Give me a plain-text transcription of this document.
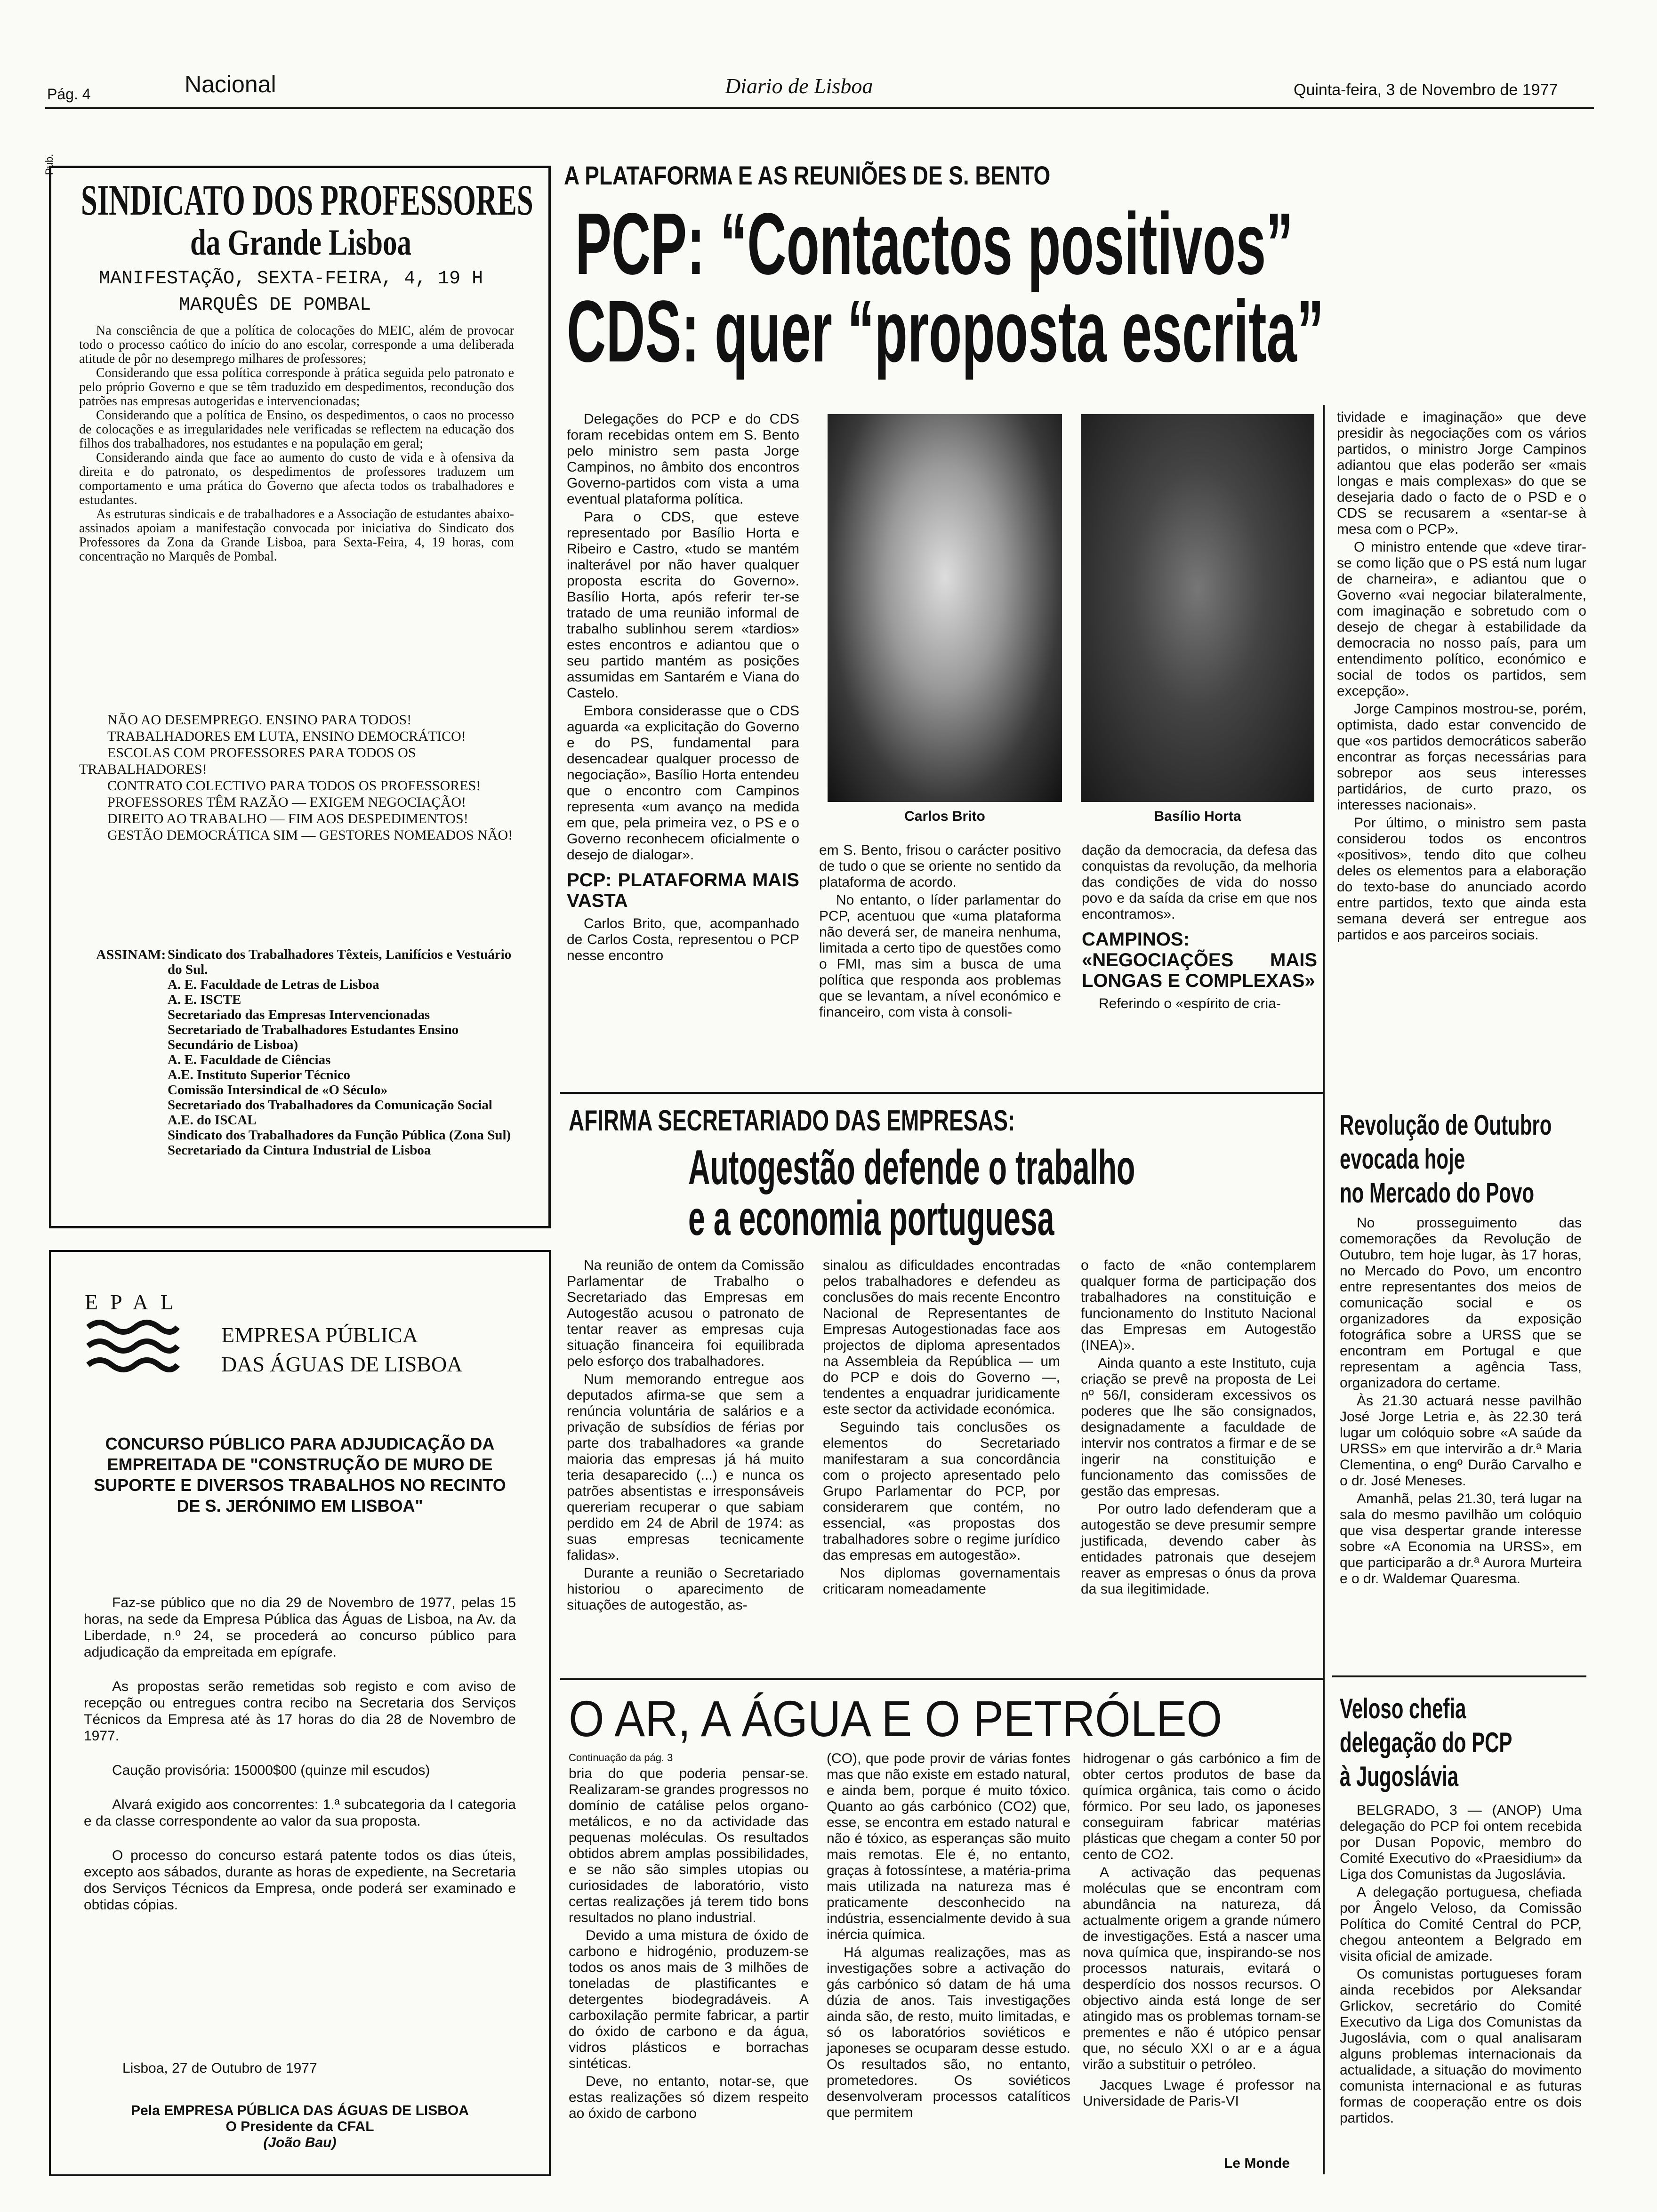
Pág. 4	Nacional	Diario de Lisboa	Quinta-feira, 3 de Novembro de 1977
Pub.
SINDICATO DOS PROFESSORES
da Grande Lisboa
MANIFESTAÇÃO, SEXTA-FEIRA, 4, 19 H
MARQUÊS DE POMBAL

Na consciência de que a política de colocações do MEIC, além de provocar todo o processo caótico do início do ano escolar, corresponde a uma deliberada atitude de pôr no desemprego milhares de professores;

Considerando que essa política corresponde à prática seguida pelo patronato e pelo próprio Governo e que se têm traduzido em despedimentos, recondução dos patrões nas empresas autogeridas e intervencionadas;

Considerando que a política de Ensino, os despedimentos, o caos no processo de colocações e as irregularidades nele verificadas se reflectem na educação dos filhos dos trabalhadores, nos estudantes e na população em geral;

Considerando ainda que face ao aumento do custo de vida e à ofensiva da direita e do patronato, os despedimentos de professores traduzem um comportamento e uma prática do Governo que afecta todos os trabalhadores e estudantes.

As estruturas sindicais e de trabalhadores e a Associação de estudantes abaixo-assinados apoiam a manifestação convocada por iniciativa do Sindicato dos Professores da Zona da Grande Lisboa, para Sexta-Feira, 4, 19 horas, com concentração no Marquês de Pombal.

NÃO AO DESEMPREGO. ENSINO PARA TODOS!
TRABALHADORES EM LUTA, ENSINO DEMOCRÁTICO!
ESCOLAS COM PROFESSORES PARA TODOS OS TRABALHADORES!
CONTRATO COLECTIVO PARA TODOS OS PROFESSORES!
PROFESSORES TÊM RAZÃO — EXIGEM NEGOCIAÇÃO!
DIREITO AO TRABALHO — FIM AOS DESPEDIMENTOS!
GESTÃO DEMOCRÁTICA SIM — GESTORES NOMEADOS NÃO!
ASSINAM: Sindicato dos Trabalhadores Têxteis, Lanifícios e Vestuário do Sul.
A. E. Faculdade de Letras de Lisboa
A. E. ISCTE
Secretariado das Empresas Intervencionadas
Secretariado de Trabalhadores Estudantes Ensino Secundário de Lisboa)
A. E. Faculdade de Ciências
A.E. Instituto Superior Técnico
Comissão Intersindical de «O Século»
Secretariado dos Trabalhadores da Comunicação Social
A.E. do ISCAL
Sindicato dos Trabalhadores da Função Pública (Zona Sul)
Secretariado da Cintura Industrial de Lisboa
EPAL
EMPRESA PÚBLICA
DAS ÁGUAS DE LISBOA
CONCURSO PÚBLICO PARA ADJUDICAÇÃO DA EMPREITADA DE "CONSTRUÇÃO DE MURO DE SUPORTE E DIVERSOS TRABALHOS NO RECINTO DE S. JERÓNIMO EM LISBOA"

Faz-se público que no dia 29 de Novembro de 1977, pelas 15 horas, na sede da Empresa Pública das Águas de Lisboa, na Av. da Liberdade, n.º 24, se procederá ao concurso público para adjudicação da empreitada em epígrafe.

As propostas serão remetidas sob registo e com aviso de recepção ou entregues contra recibo na Secretaria dos Serviços Técnicos da Empresa até às 17 horas do dia 28 de Novembro de 1977.

Caução provisória: 15000$00 (quinze mil escudos)

Alvará exigido aos concorrentes: 1.ª subcategoria da I categoria e da classe correspondente ao valor da sua proposta.

O processo do concurso estará patente todos os dias úteis, excepto aos sábados, durante as horas de expediente, na Secretaria dos Serviços Técnicos da Empresa, onde poderá ser examinado e obtidas cópias.

Lisboa, 27 de Outubro de 1977
Pela EMPRESA PÚBLICA DAS ÁGUAS DE LISBOA
O Presidente da CFAL
(João Bau)
A PLATAFORMA E AS REUNIÕES DE S. BENTO
PCP: “Contactos positivos”
CDS: quer “proposta escrita”

Delegações do PCP e do CDS foram recebidas ontem em S. Bento pelo ministro sem pasta Jorge Campinos, no âmbito dos encontros Governo-partidos com vista a uma eventual plataforma política.

Para o CDS, que esteve representado por Basílio Horta e Ribeiro e Castro, «tudo se mantém inalterável por não haver qualquer proposta escrita do Governo». Basílio Horta, após referir ter-se tratado de uma reunião informal de trabalho sublinhou serem «tardios» estes encontros e adiantou que o seu partido mantém as posições assumidas em Santarém e Viana do Castelo.

Embora considerasse que o CDS aguarda «a explicitação do Governo e do PS, fundamental para desencadear qualquer processo de negociação», Basílio Horta entendeu que o encontro com Campinos representa «um avanço na medida em que, pela primeira vez, o PS e o Governo reconhecem oficialmente o desejo de dialogar».

PCP: PLATAFORMA MAIS VASTA

Carlos Brito, que, acompanhado de Carlos Costa, representou o PCP nesse encontro

Carlos Brito	Basílio Horta

em S. Bento, frisou o carácter positivo de tudo o que se oriente no sentido da plataforma de acordo.

No entanto, o líder parlamentar do PCP, acentuou que «uma plataforma não deverá ser, de maneira nenhuma, limitada a certo tipo de questões como o FMI, mas sim a busca de uma política que responda aos problemas que se levantam, a nível económico e financeiro, com vista à consoli-

dação da democracia, da defesa das conquistas da revolução, da melhoria das condições de vida do nosso povo e da saída da crise em que nos encontramos».

CAMPINOS: «NEGOCIAÇÕES MAIS LONGAS E COMPLEXAS»

Referindo o «espírito de cria-

tividade e imaginação» que deve presidir às negociações com os vários partidos, o ministro Jorge Campinos adiantou que elas poderão ser «mais longas e mais complexas» do que se desejaria dado o facto de o PSD e o CDS se recusarem a «sentar-se à mesa com o PCP».

O ministro entende que «deve tirar-se como lição que o PS está num lugar de charneira», e adiantou que o Governo «vai negociar bilateralmente, com imaginação e sobretudo com o desejo de chegar à estabilidade da democracia no nosso país, para um entendimento político, económico e social de todos os partidos, sem excepção».

Jorge Campinos mostrou-se, porém, optimista, dado estar convencido de que «os partidos democráticos saberão encontrar as forças necessárias para sobrepor aos seus interesses partidários, de curto prazo, os interesses nacionais».

Por último, o ministro sem pasta considerou todos os encontros «positivos», tendo dito que colheu deles os elementos para a elaboração do texto-base do anunciado acordo entre partidos, texto que ainda esta semana deverá ser entregue aos partidos e aos parceiros sociais.

AFIRMA SECRETARIADO DAS EMPRESAS:
Autogestão defende o trabalho
e a economia portuguesa

Na reunião de ontem da Comissão Parlamentar de Trabalho o Secretariado das Empresas em Autogestão acusou o patronato de tentar reaver as empresas cuja situação financeira foi equilibrada pelo esforço dos trabalhadores.

Num memorando entregue aos deputados afirma-se que sem a renúncia voluntária de salários e a privação de subsídios de férias por parte dos trabalhadores «a grande maioria das empresas já há muito teria desaparecido (...) e nunca os patrões absentistas e irresponsáveis quereriam recuperar o que sabiam perdido em 24 de Abril de 1974: as suas empresas tecnicamente falidas».

Durante a reunião o Secretariado historiou o aparecimento de situações de autogestão, as-

sinalou as dificuldades encontradas pelos trabalhadores e defendeu as conclusões do mais recente Encontro Nacional de Representantes de Empresas Autogestionadas face aos projectos de diploma apresentados na Assembleia da República — um do PCP e dois do Governo —, tendentes a enquadrar juridicamente este sector da actividade económica.

Seguindo tais conclusões os elementos do Secretariado manifestaram a sua concordância com o projecto apresentado pelo Grupo Parlamentar do PCP, por considerarem que contém, no essencial, «as propostas dos trabalhadores sobre o regime jurídico das empresas em autogestão».

Nos diplomas governamentais criticaram nomeadamente

o facto de «não contemplarem qualquer forma de participação dos trabalhadores na constituição e funcionamento do Instituto Nacional das Empresas em Autogestão (INEA)».

Ainda quanto a este Instituto, cuja criação se prevê na proposta de Lei nº 56/I, consideram excessivos os poderes que lhe são consignados, designadamente a faculdade de intervir nos contratos a firmar e de se ingerir na constituição e funcionamento das comissões de gestão das empresas.

Por outro lado defenderam que a autogestão se deve presumir sempre justificada, devendo caber às entidades patronais que desejem reaver as empresas o ónus da prova da sua ilegitimidade.

Revolução de Outubro
evocada hoje
no Mercado do Povo

No prosseguimento das comemorações da Revolução de Outubro, tem hoje lugar, às 17 horas, no Mercado do Povo, um encontro entre representantes dos meios de comunicação social e os organizadores da exposição fotográfica sobre a URSS que se encontram em Portugal e que representam a agência Tass, organizadora do certame.

Às 21.30 actuará nesse pavilhão José Jorge Letria e, às 22.30 terá lugar um colóquio sobre «A saúde da URSS» em que intervirão a dr.ª Maria Clementina, o engº Durão Carvalho e o dr. José Meneses.

Amanhã, pelas 21.30, terá lugar na sala do mesmo pavilhão um colóquio que visa despertar grande interesse sobre «A Economia na URSS», em que participarão a dr.ª Aurora Murteira e o dr. Waldemar Quaresma.

O AR, A ÁGUA E O PETRÓLEO
Continuação da pág. 3

bria do que poderia pensar-se. Realizaram-se grandes progressos no domínio de catálise pelos organo-metálicos, e no da actividade das pequenas moléculas. Os resultados obtidos abrem amplas possibilidades, e se não são simples utopias ou curiosidades de laboratório, visto certas realizações já terem tido bons resultados no plano industrial.

Devido a uma mistura de óxido de carbono e hidrogénio, produzem-se todos os anos mais de 3 milhões de toneladas de plastificantes e detergentes biodegradáveis. A carboxilação permite fabricar, a partir do óxido de carbono e da água, vidros plásticos e borrachas sintéticas.

Deve, no entanto, notar-se, que estas realizações só dizem respeito ao óxido de carbono

(CO), que pode provir de várias fontes mas que não existe em estado natural, e ainda bem, porque é muito tóxico. Quanto ao gás carbónico (CO2) que, esse, se encontra em estado natural e não é tóxico, as esperanças são muito mais remotas. Ele é, no entanto, graças à fotossíntese, a matéria-prima mais utilizada na natureza mas é praticamente desconhecido na indústria, essencialmente devido à sua inércia química.

Há algumas realizações, mas as investigações sobre a activação do gás carbónico só datam de há uma dúzia de anos. Tais investigações ainda são, de resto, muito limitadas, e só os laboratórios soviéticos e japoneses se ocuparam desse estudo. Os resultados são, no entanto, prometedores. Os soviéticos desenvolveram processos catalíticos que permitem

hidrogenar o gás carbónico a fim de obter certos produtos de base da química orgânica, tais como o ácido fórmico. Por seu lado, os japoneses conseguiram fabricar matérias plásticas que chegam a conter 50 por cento de CO2.

A activação das pequenas moléculas que se encontram com abundância na natureza, dá actualmente origem a grande número de investigações. Está a nascer uma nova química que, inspirando-se nos processos naturais, evitará o desperdício dos nossos recursos. O objectivo ainda está longe de ser atingido mas os problemas tornam-se prementes e não é utópico pensar que, no século XXI o ar e a água virão a substituir o petróleo.

Jacques Lwage é professor na Universidade de Paris-VI

Le Monde
Veloso chefia
delegação do PCP
à Jugoslávia

BELGRADO, 3 — (ANOP) Uma delegação do PCP foi ontem recebida por Dusan Popovic, membro do Comité Executivo do «Praesidium» da Liga dos Comunistas da Jugoslávia.

A delegação portuguesa, chefiada por Ângelo Veloso, da Comissão Política do Comité Central do PCP, chegou anteontem a Belgrado em visita oficial de amizade.

Os comunistas portugueses foram ainda recebidos por Aleksandar Grlickov, secretário do Comité Executivo da Liga dos Comunistas da Jugoslávia, com o qual analisaram alguns problemas internacionais da actualidade, a situação do movimento comunista internacional e as futuras formas de cooperação entre os dois partidos.
